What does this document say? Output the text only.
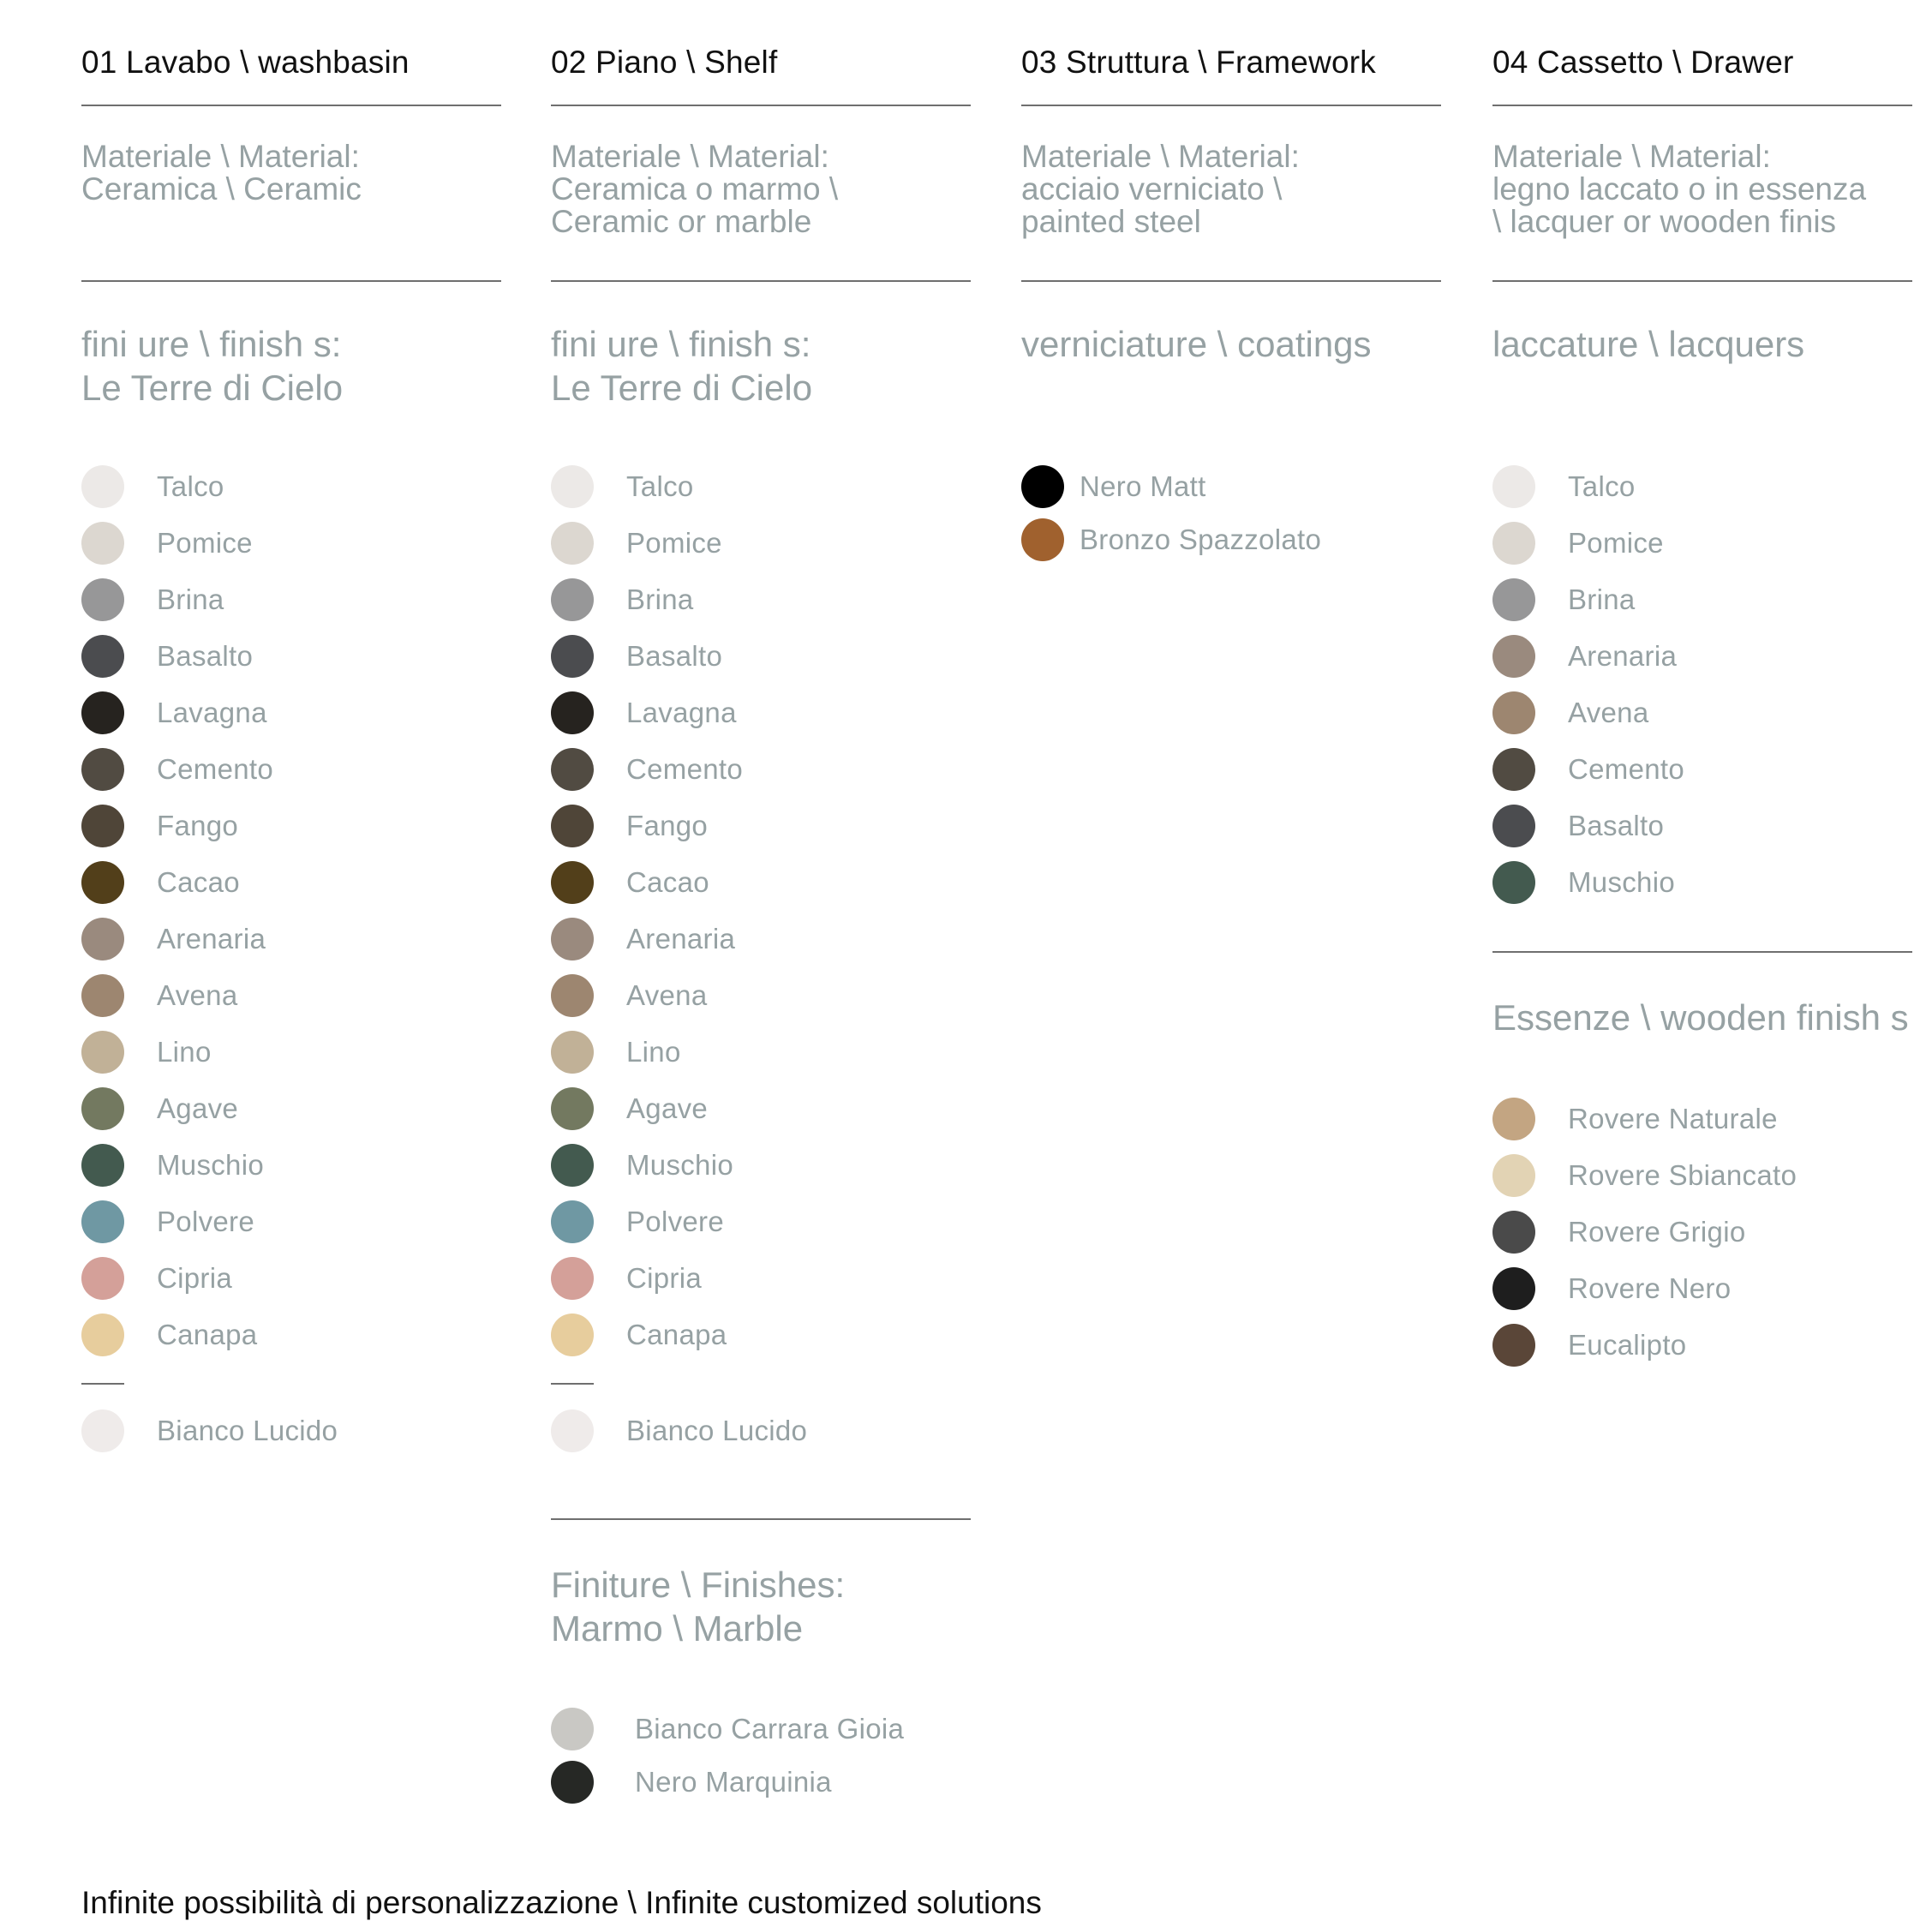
01 Lavabo \ washbasin
Materiale \ Material:
Ceramica \ Ceramic
fini ure \ finish s:
Le Terre di Cielo
Talco
Pomice
Brina
Basalto
Lavagna
Cemento
Fango
Cacao
Arenaria
Avena
Lino
Agave
Muschio
Polvere
Cipria
Canapa
Bianco Lucido
02 Piano \ Shelf
Materiale \ Material:
Ceramica o marmo \
Ceramic or marble
fini ure \ finish s:
Le Terre di Cielo
Talco
Pomice
Brina
Basalto
Lavagna
Cemento
Fango
Cacao
Arenaria
Avena
Lino
Agave
Muschio
Polvere
Cipria
Canapa
Bianco Lucido
Finiture \ Finishes:
Marmo \ Marble
Bianco Carrara Gioia
Nero Marquinia
03 Struttura \ Framework
Materiale \ Material:
acciaio verniciato \
painted steel
verniciature \ coatings
Nero Matt
Bronzo Spazzolato
04 Cassetto \ Drawer
Materiale \ Material:
legno laccato o in essenza
\ lacquer or wooden finis
laccature \ lacquers
Talco
Pomice
Brina
Arenaria
Avena
Cemento
Basalto
Muschio
Essenze \ wooden finish s
Rovere Naturale
Rovere Sbiancato
Rovere Grigio
Rovere Nero
Eucalipto
Infinite possibilità di personalizzazione \ Infinite customized solutions
